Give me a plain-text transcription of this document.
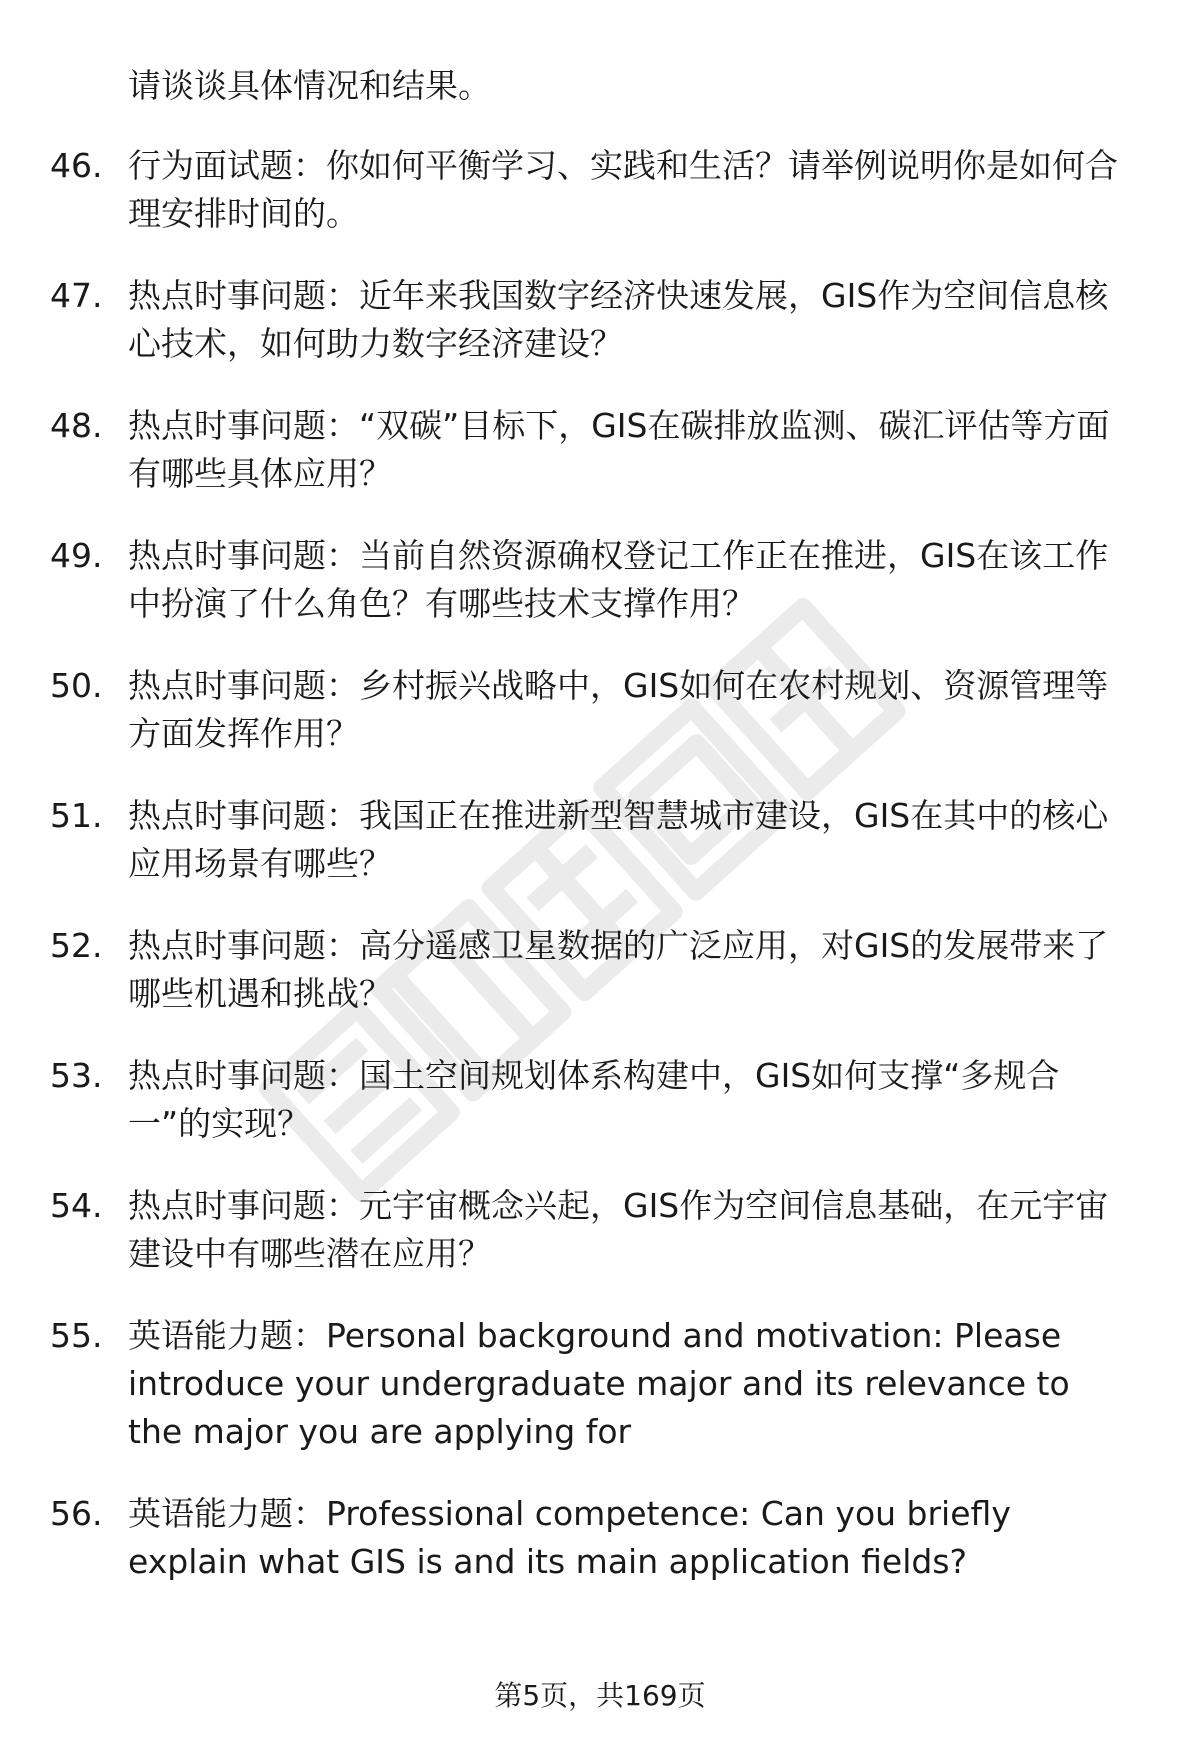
请谈谈具体情况和结果。

46. 行为面试题：你如何平衡学习、实践和生活？请举例说明你是如何合理安排时间的。
47. 热点时事问题：近年来我国数字经济快速发展，GIS作为空间信息核心技术，如何助力数字经济建设？
48. 热点时事问题：“双碳”目标下，GIS在碳排放监测、碳汇评估等方面有哪些具体应用？
49. 热点时事问题：当前自然资源确权登记工作正在推进，GIS在该工作中扮演了什么角色？有哪些技术支撑作用？
50. 热点时事问题：乡村振兴战略中，GIS如何在农村规划、资源管理等方面发挥作用？
51. 热点时事问题：我国正在推进新型智慧城市建设，GIS在其中的核心应用场景有哪些？
52. 热点时事问题：高分遥感卫星数据的广泛应用，对GIS的发展带来了哪些机遇和挑战？
53. 热点时事问题：国土空间规划体系构建中，GIS如何支撑“多规合一”的实现？
54. 热点时事问题：元宇宙概念兴起，GIS作为空间信息基础，在元宇宙建设中有哪些潜在应用？
55. 英语能力题：Personal background and motivation: Please introduce your undergraduate major and its relevance to the major you are applying for
56. 英语能力题：Professional competence: Can you briefly explain what GIS is and its main application fields?
第5页，共169页
